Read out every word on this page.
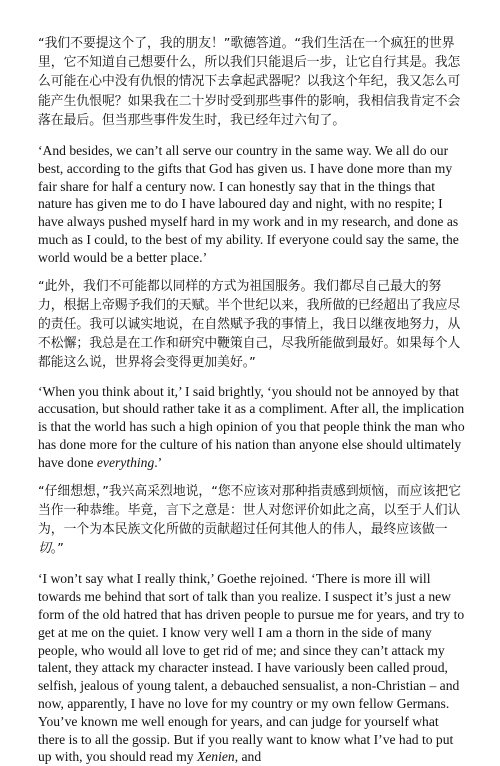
“我们不要提这个了，我的朋友！”歌德答道。“我们生活在一个疯狂的世界里，它不知道自己想要什么，所以我们只能退后一步，让它自行其是。我怎么可能在心中没有仇恨的情况下去拿起武器呢？以我这个年纪，我又怎么可能产生仇恨呢？如果我在二十岁时受到那些事件的影响，我相信我肯定不会落在最后。但当那些事件发生时，我已经年过六旬了。

‘And besides, we can’t all serve our country in the same way. We all do our best, according to the gifts that God has given us. I have done more than my fair share for half a century now. I can honestly say that in the things that nature has given me to do I have laboured day and night, with no respite; I have always pushed myself hard in my work and in my research, and done as much as I could, to the best of my ability. If everyone could say the same, the world would be a better place.’

“此外，我们不可能都以同样的方式为祖国服务。我们都尽自己最大的努力，根据上帝赐予我们的天赋。半个世纪以来，我所做的已经超出了我应尽的责任。我可以诚实地说，在自然赋予我的事情上，我日以继夜地努力，从不松懈；我总是在工作和研究中鞭策自己，尽我所能做到最好。如果每个人都能这么说，世界将会变得更加美好。”

‘When you think about it,’ I said brightly, ‘you should not be annoyed by that accusation, but should rather take it as a compliment. After all, the implication is that the world has such a high opinion of you that people think the man who has done more for the culture of his nation than anyone else should ultimately have done everything.’

“仔细想想，”我兴高采烈地说，“您不应该对那种指责感到烦恼，而应该把它当作一种恭维。毕竟，言下之意是：世人对您评价如此之高，以至于人们认为，一个为本民族文化所做的贡献超过任何其他人的伟人，最终应该做一切。”

‘I won’t say what I really think,’ Goethe rejoined. ‘There is more ill will towards me behind that sort of talk than you realize. I suspect it’s just a new form of the old hatred that has driven people to pursue me for years, and try to get at me on the quiet. I know very well I am a thorn in the side of many people, who would all love to get rid of me; and since they can’t attack my talent, they attack my character instead. I have variously been called proud, selfish, jealous of young talent, a debauched sensualist, a non-Christian – and now, apparently, I have no love for my country or my own fellow Germans. You’ve known me well enough for years, and can judge for yourself what there is to all the gossip. But if you really want to know what I’ve had to put up with, you should read my Xenien, and
